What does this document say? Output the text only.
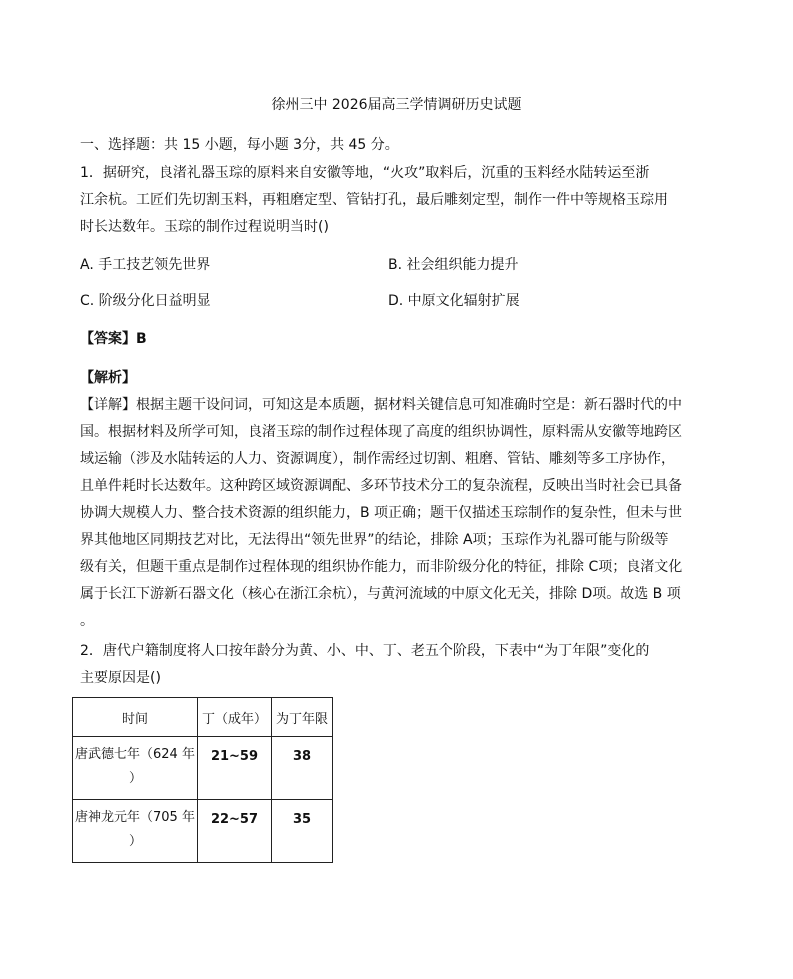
徐州三中 2026届高三学情调研历史试题
一、选择题：共 15 小题，每小题 3分，共 45 分。
1．据研究，良渚礼器玉琮的原料来自安徽等地，“火攻”取料后，沉重的玉料经水陆转运至浙
江余杭。工匠们先切割玉料，再粗磨定型、管钻打孔，最后雕刻定型，制作一件中等规格玉琮用
时长达数年。玉琮的制作过程说明当时()
A. 手工技艺领先世界	B. 社会组织能力提升
C. 阶级分化日益明显	D. 中原文化辐射扩展
【答案】B
【解析】
【详解】根据主题干设问词，可知这是本质题，据材料关键信息可知准确时空是：新石器时代的中
国。根据材料及所学可知，良渚玉琮的制作过程体现了高度的组织协调性，原料需从安徽等地跨区
域运输（涉及水陆转运的人力、资源调度），制作需经过切割、粗磨、管钻、雕刻等多工序协作，
且单件耗时长达数年。这种跨区域资源调配、多环节技术分工的复杂流程，反映出当时社会已具备
协调大规模人力、整合技术资源的组织能力，B 项正确；题干仅描述玉琮制作的复杂性，但未与世
界其他地区同期技艺对比，无法得出“领先世界”的结论，排除 A项；玉琮作为礼器可能与阶级等
级有关，但题干重点是制作过程体现的组织协作能力，而非阶级分化的特征，排除 C项；良渚文化
属于长江下游新石器文化（核心在浙江余杭），与黄河流域的中原文化无关，排除 D项。故选 B 项
。
2．唐代户籍制度将人口按年龄分为黄、小、中、丁、老五个阶段，下表中“为丁年限”变化的
主要原因是()
时间	丁（成年）	为丁年限

唐武德七年（624 年
）	21~59	38

唐神龙元年（705 年
）	22~57	35
